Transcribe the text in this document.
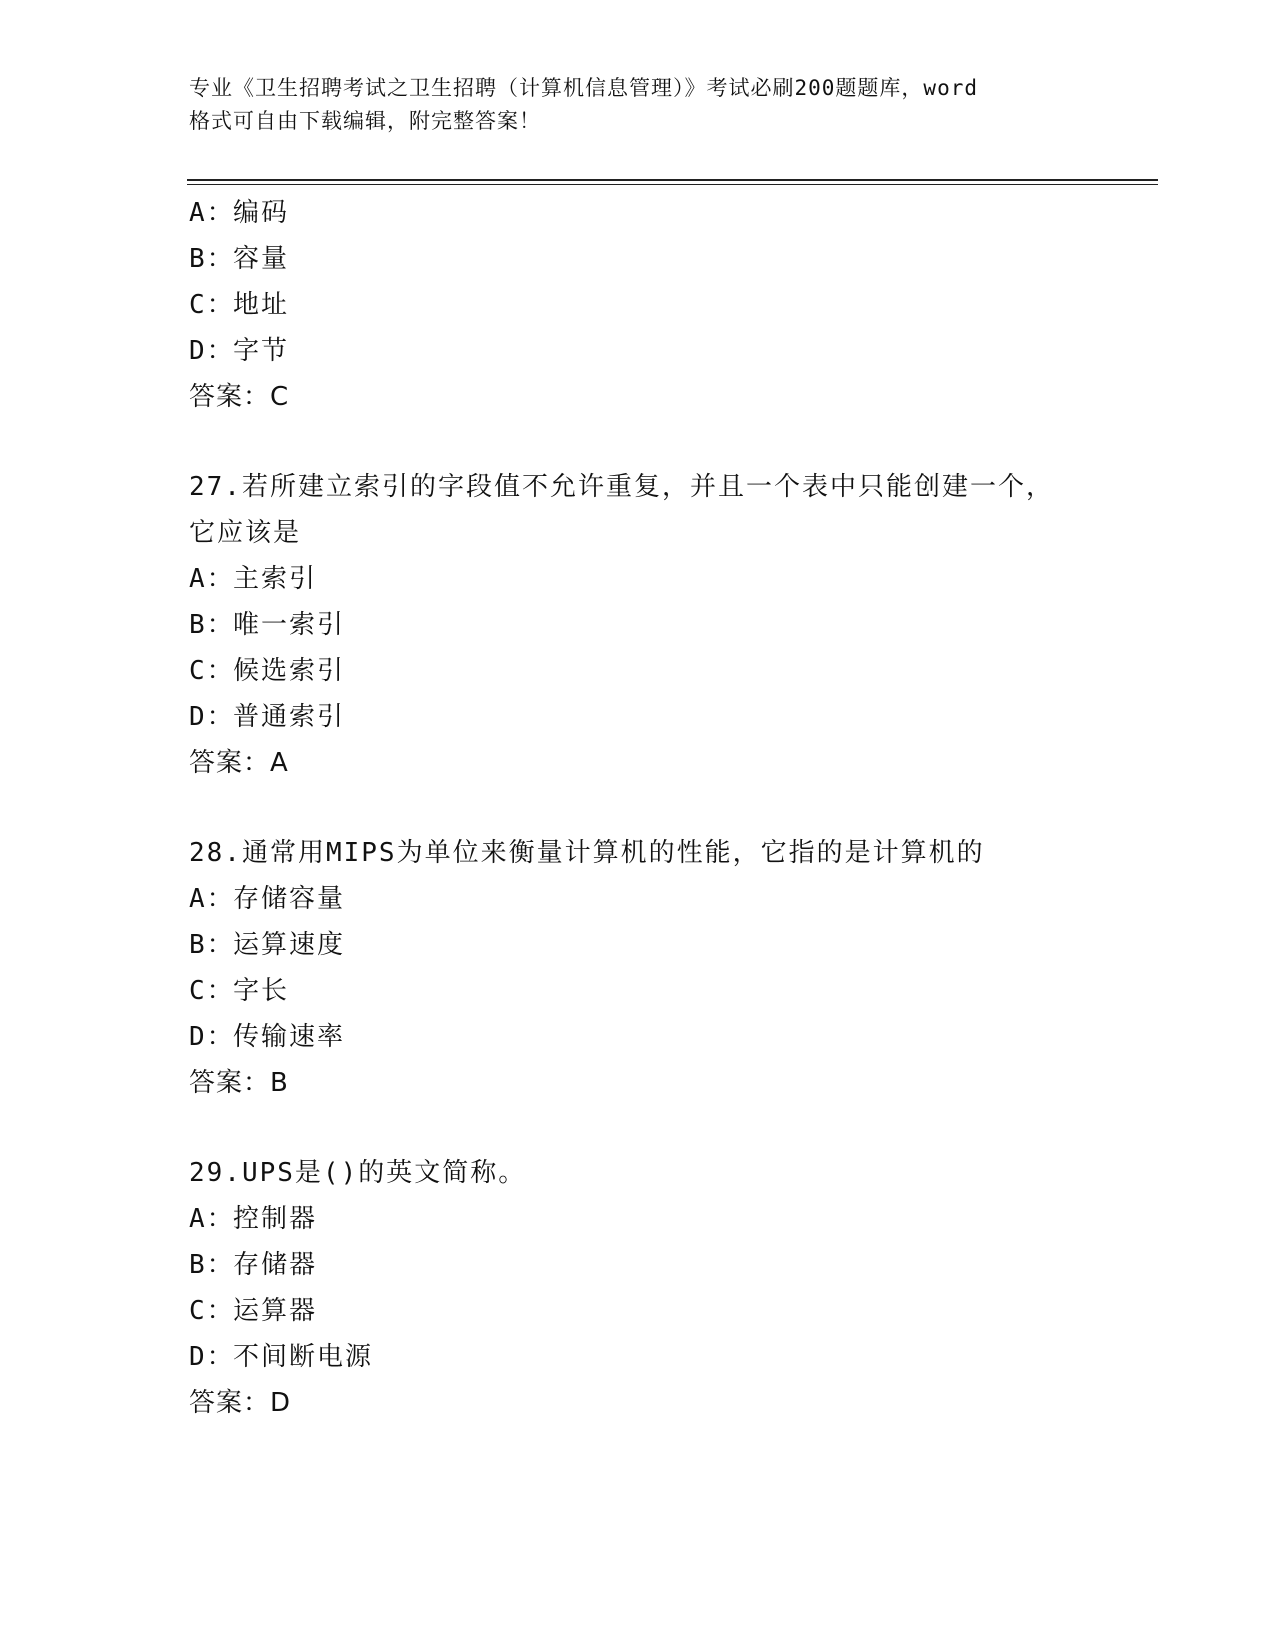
专业《卫生招聘考试之卫生招聘（计算机信息管理）》考试必刷200题题库，word
格式可自由下载编辑，附完整答案！
A：编码
B：容量
C：地址
D：字节
答案：C
27.若所建立索引的字段值不允许重复，并且一个表中只能创建一个，
它应该是
A：主索引
B：唯一索引
C：候选索引
D：普通索引
答案：A
28.通常用MIPS为单位来衡量计算机的性能，它指的是计算机的
A：存储容量
B：运算速度
C：字长
D：传输速率
答案：B
29.UPS是()的英文简称。
A：控制器
B：存储器
C：运算器
D：不间断电源
答案：D
